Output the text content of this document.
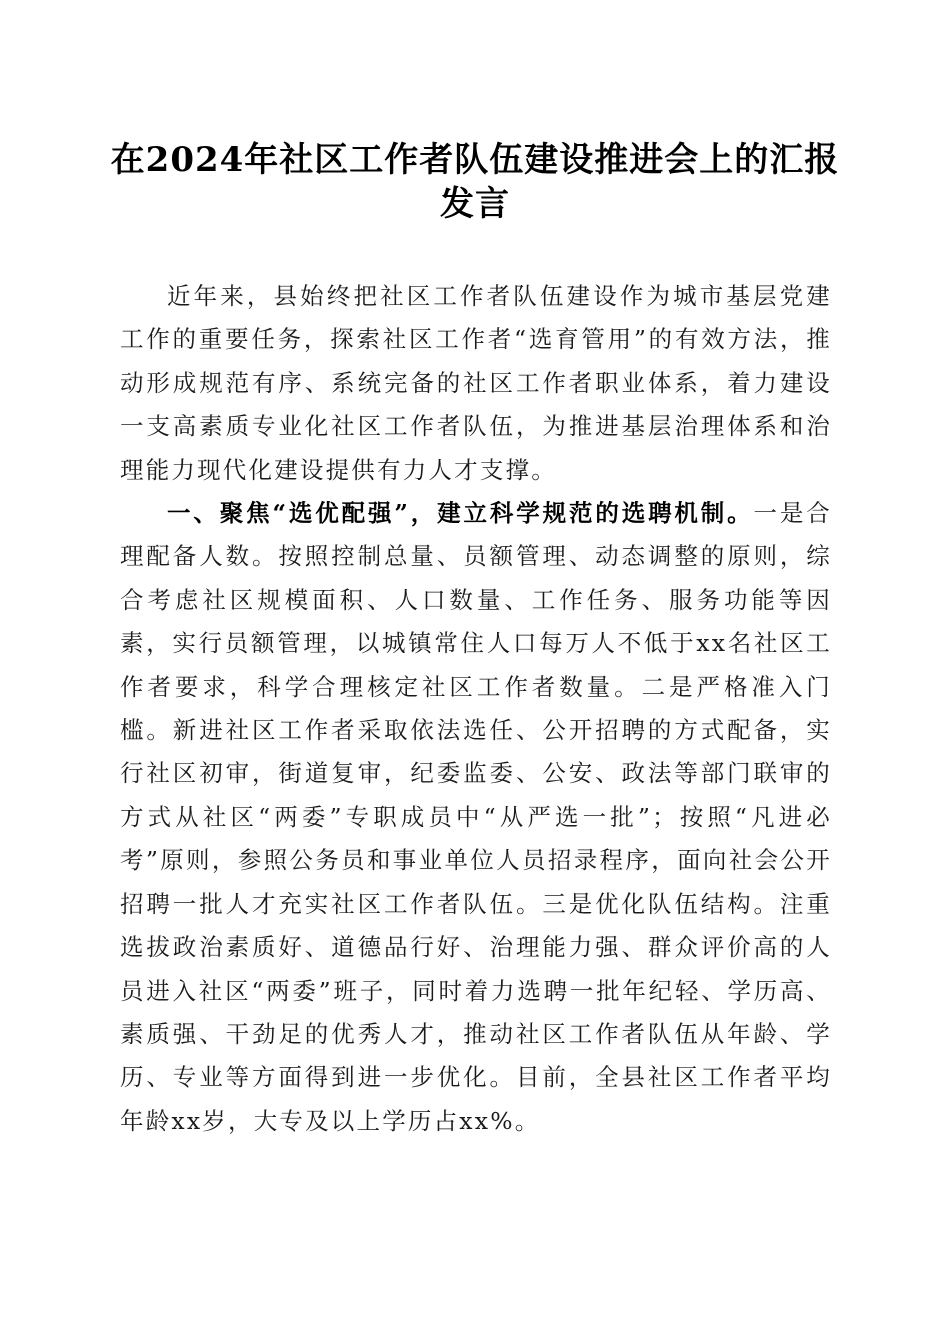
在2024年社区工作者队伍建设推进会上的汇报发言

近年来，县始终把社区工作者队伍建设作为城市基层党建工作的重要任务，探索社区工作者“选育管用”的有效方法，推动形成规范有序、系统完备的社区工作者职业体系，着力建设一支高素质专业化社区工作者队伍，为推进基层治理体系和治理能力现代化建设提供有力人才支撑。

一、聚焦“选优配强”，建立科学规范的选聘机制。一是合理配备人数。按照控制总量、员额管理、动态调整的原则，综合考虑社区规模面积、人口数量、工作任务、服务功能等因素，实行员额管理，以城镇常住人口每万人不低于xx名社区工作者要求，科学合理核定社区工作者数量。二是严格准入门槛。新进社区工作者采取依法选任、公开招聘的方式配备，实行社区初审，街道复审，纪委监委、公安、政法等部门联审的方式从社区“两委”专职成员中“从严选一批”；按照“凡进必考”原则，参照公务员和事业单位人员招录程序，面向社会公开招聘一批人才充实社区工作者队伍。三是优化队伍结构。注重选拔政治素质好、道德品行好、治理能力强、群众评价高的人员进入社区“两委”班子，同时着力选聘一批年纪轻、学历高、素质强、干劲足的优秀人才，推动社区工作者队伍从年龄、学历、专业等方面得到进一步优化。目前，全县社区工作者平均年龄xx岁，大专及以上学历占xx%。
